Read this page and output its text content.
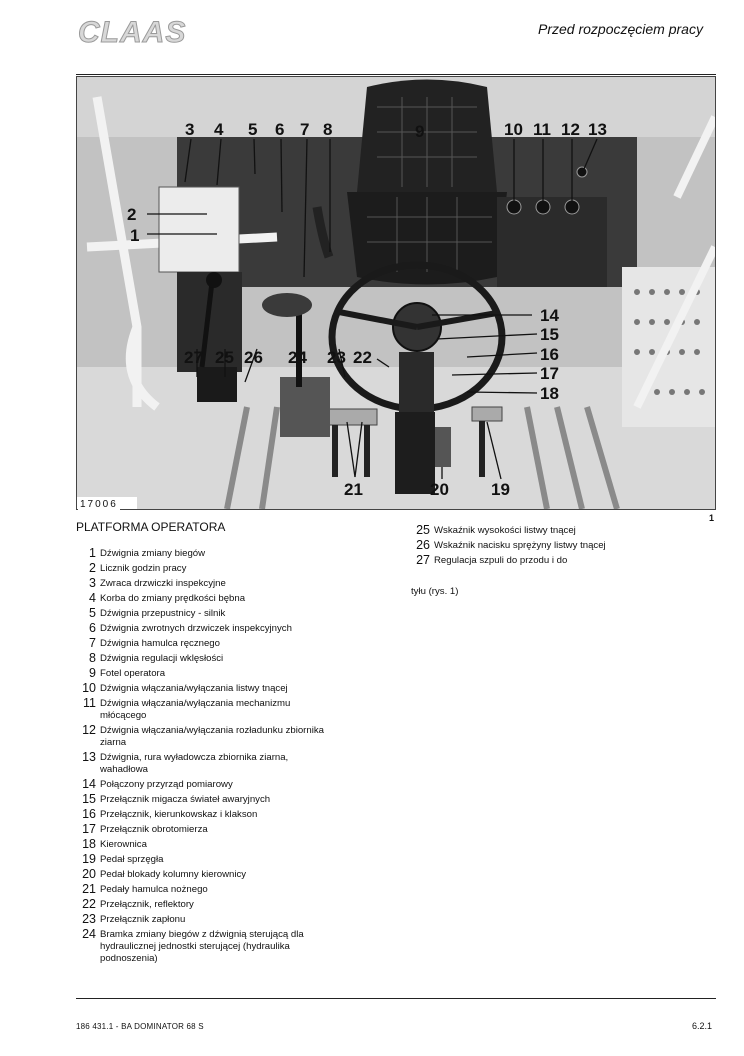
CLAAS	Przed rozpoczęciem pracy
3 4 5 6 7 8	9	10 11 12 13
2
1
14
15
16
17
18
27 25 26 24 23 22
21	20 19
17006
1
PLATFORMA OPERATORA
1 Dźwignia zmiany biegów
2 Licznik godzin pracy
3 Zwraca drzwiczki inspekcyjne
4 Korba do zmiany prędkości bębna
5 Dźwignia przepustnicy - silnik
6 Dźwignia zwrotnych drzwiczek inspekcyjnych
7 Dźwignia hamulca ręcznego
8 Dźwignia regulacji wklęsłości
9 Fotel operatora
10 Dźwignia włączania/wyłączania listwy tnącej
11 Dźwignia włączania/wyłączania mechanizmu młócącego
12 Dźwignia włączania/wyłączania rozładunku zbiornika ziarna
13 Dźwignia, rura wyładowcza zbiornika ziarna, wahadłowa
14 Połączony przyrząd pomiarowy
15 Przełącznik migacza świateł awaryjnych
16 Przełącznik, kierunkowskaz i klakson
17 Przełącznik obrotomierza
18 Kierownica
19 Pedał sprzęgła
20 Pedał blokady kolumny kierownicy
21 Pedały hamulca nożnego
22 Przełącznik, reflektory
23 Przełącznik zapłonu
24 Bramka zmiany biegów z dźwignią sterującą dla hydraulicznej jednostki sterującej (hydraulika podnoszenia)
25 Wskaźnik wysokości listwy tnącej
26 Wskaźnik nacisku sprężyny listwy tnącej
27 Regulacja szpuli do przodu i do
tyłu (rys. 1)
186 431.1 - BA DOMINATOR 68 S	6.2.1
